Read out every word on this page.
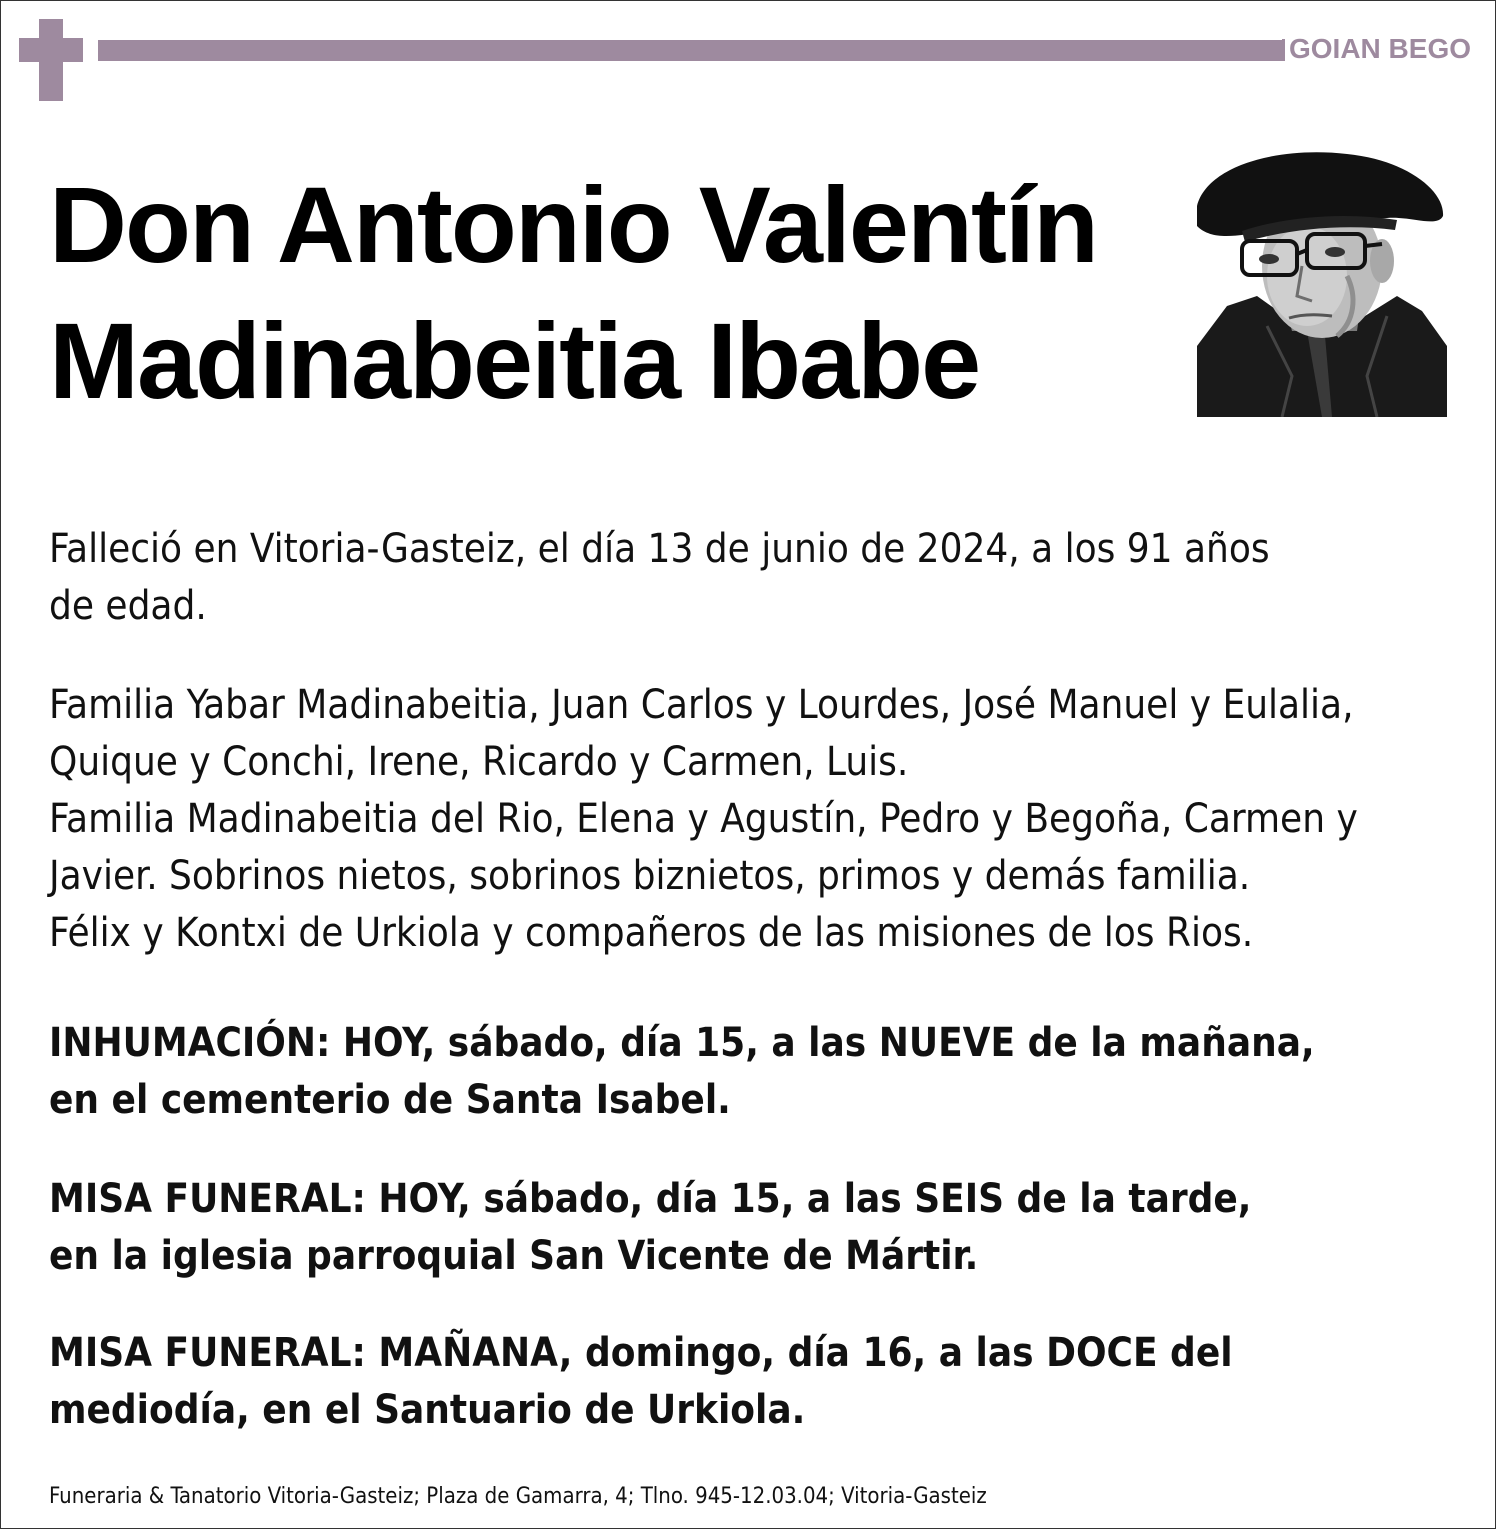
GOIAN BEGO
Don Antonio Valentín
Madinabeitia Ibabe
Falleció en Vitoria-Gasteiz, el día 13 de junio de 2024, a los 91 años
de edad.
Familia Yabar Madinabeitia, Juan Carlos y Lourdes, José Manuel y Eulalia,
Quique y Conchi, Irene, Ricardo y Carmen, Luis.
Familia Madinabeitia del Rio, Elena y Agustín, Pedro y Begoña, Carmen y
Javier. Sobrinos nietos, sobrinos biznietos, primos y demás familia.
Félix y Kontxi de Urkiola y compañeros de las misiones de los Rios.
INHUMACIÓN: HOY, sábado, día 15, a las NUEVE de la mañana,
en el cementerio de Santa Isabel.
MISA FUNERAL: HOY, sábado, día 15, a las SEIS de la tarde,
en la iglesia parroquial San Vicente de Mártir.
MISA FUNERAL: MAÑANA, domingo, día 16, a las DOCE del
mediodía, en el Santuario de Urkiola.
Funeraria & Tanatorio Vitoria-Gasteiz; Plaza de Gamarra, 4; Tlno. 945-12.03.04; Vitoria-Gasteiz
